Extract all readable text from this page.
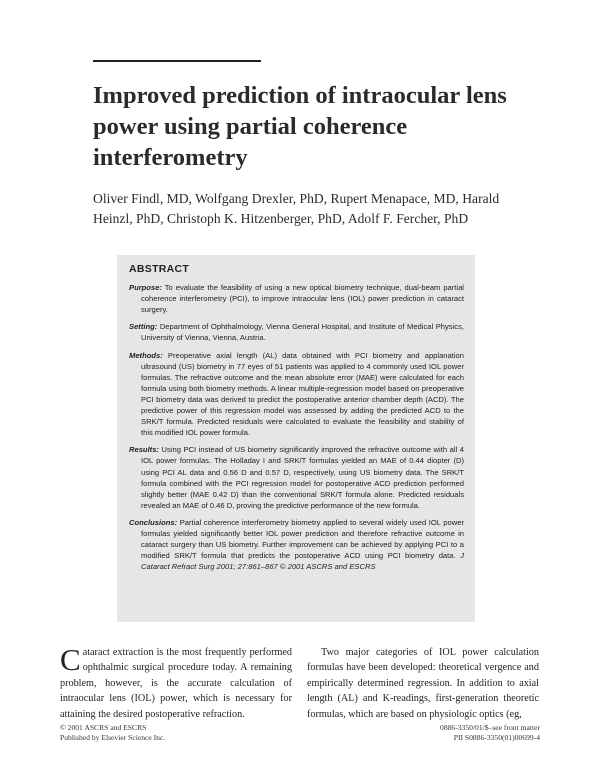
Improved prediction of intraocular lens power using partial coherence interferometry
Oliver Findl, MD, Wolfgang Drexler, PhD, Rupert Menapace, MD, Harald Heinzl, PhD, Christoph K. Hitzenberger, PhD, Adolf F. Fercher, PhD
ABSTRACT

Purpose: To evaluate the feasibility of using a new optical biometry technique, dual-beam partial coherence interferometry (PCI), to improve intraocular lens (IOL) power prediction in cataract surgery.

Setting: Department of Ophthalmology, Vienna General Hospital, and Institute of Medical Physics, University of Vienna, Vienna, Austria.

Methods: Preoperative axial length (AL) data obtained with PCI biometry and applanation ultrasound (US) biometry in 77 eyes of 51 patients was applied to 4 commonly used IOL power formulas. The refractive outcome and the mean absolute error (MAE) were calculated for each formula using both biometry methods. A linear multiple-regression model based on preoperative PCI biometry data was derived to predict the postoperative anterior chamber depth (ACD). The predictive power of this regression model was assessed by adding the predicted ACD to the SRK/T formula. Predicted residuals were calculated to evaluate the feasibility and stability of this modified IOL power formula.

Results: Using PCI instead of US biometry significantly improved the refractive outcome with all 4 IOL power formulas. The Holladay I and SRK/T formulas yielded an MAE of 0.44 diopter (D) using PCI AL data and 0.56 D and 0.57 D, respectively, using US biometry data. The SRK/T formula combined with the PCI regression model for postoperative ACD prediction performed slightly better (MAE 0.42 D) than the conventional SRK/T formula alone. Predicted residuals revealed an MAE of 0.46 D, proving the predictive performance of the new formula.

Conclusions: Partial coherence interferometry biometry applied to several widely used IOL power formulas yielded significantly better IOL power prediction and therefore refractive outcome in cataract surgery than US biometry. Further improvement can be achieved by applying PCI to a modified SRK/T formula that predicts the postoperative ACD using PCI biometry data. J Cataract Refract Surg 2001; 27:861–867 © 2001 ASCRS and ESCRS

Cataract extraction is the most frequently performed ophthalmic surgical procedure today. A remaining problem, however, is the accurate calculation of intraocular lens (IOL) power, which is necessary for attaining the desired postoperative refraction.
Two major categories of IOL power calculation formulas have been developed: theoretical vergence and empirically determined regression. In addition to axial length (AL) and K-readings, first-generation theoretic formulas, which are based on physiologic optics (eg,
© 2001 ASCRS and ESCRS
Published by Elsevier Science Inc.
0886-3350/01/$–see front matter
PII S0886-3350(01)00699-4
